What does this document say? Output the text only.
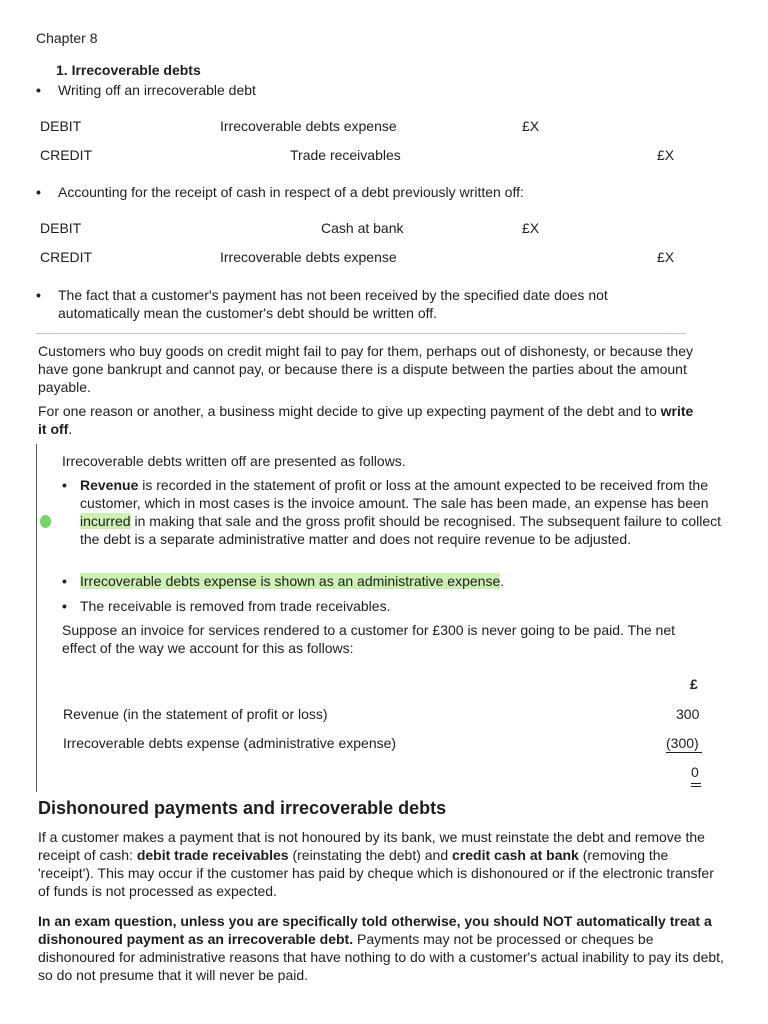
Chapter 8
1. Irrecoverable debts
• Writing off an irrecoverable debt
DEBIT	Irrecoverable debts expense	£X
CREDIT	Trade receivables	£X
• Accounting for the receipt of cash in respect of a debt previously written off:
DEBIT	Cash at bank	£X
CREDIT	Irrecoverable debts expense	£X
• The fact that a customer's payment has not been received by the specified date does not
automatically mean the customer's debt should be written off.
Customers who buy goods on credit might fail to pay for them, perhaps out of dishonesty, or because they have gone bankrupt and cannot pay, or because there is a dispute between the parties about the amount payable.
For one reason or another, a business might decide to give up expecting payment of the debt and to write it off.
Irrecoverable debts written off are presented as follows.
• Revenue is recorded in the statement of profit or loss at the amount expected to be received from the customer, which in most cases is the invoice amount. The sale has been made, an expense has been incurred in making that sale and the gross profit should be recognised. The subsequent failure to collect the debt is a separate administrative matter and does not require revenue to be adjusted.
• Irrecoverable debts expense is shown as an administrative expense.
• The receivable is removed from trade receivables.
Suppose an invoice for services rendered to a customer for £300 is never going to be paid. The net effect of the way we account for this as follows:
£
Revenue (in the statement of profit or loss)	300
Irrecoverable debts expense (administrative expense)	(300)
0
Dishonoured payments and irrecoverable debts
If a customer makes a payment that is not honoured by its bank, we must reinstate the debt and remove the receipt of cash: debit trade receivables (reinstating the debt) and credit cash at bank (removing the 'receipt'). This may occur if the customer has paid by cheque which is dishonoured or if the electronic transfer of funds is not processed as expected.
In an exam question, unless you are specifically told otherwise, you should NOT automatically treat a dishonoured payment as an irrecoverable debt. Payments may not be processed or cheques be dishonoured for administrative reasons that have nothing to do with a customer's actual inability to pay its debt, so do not presume that it will never be paid.
